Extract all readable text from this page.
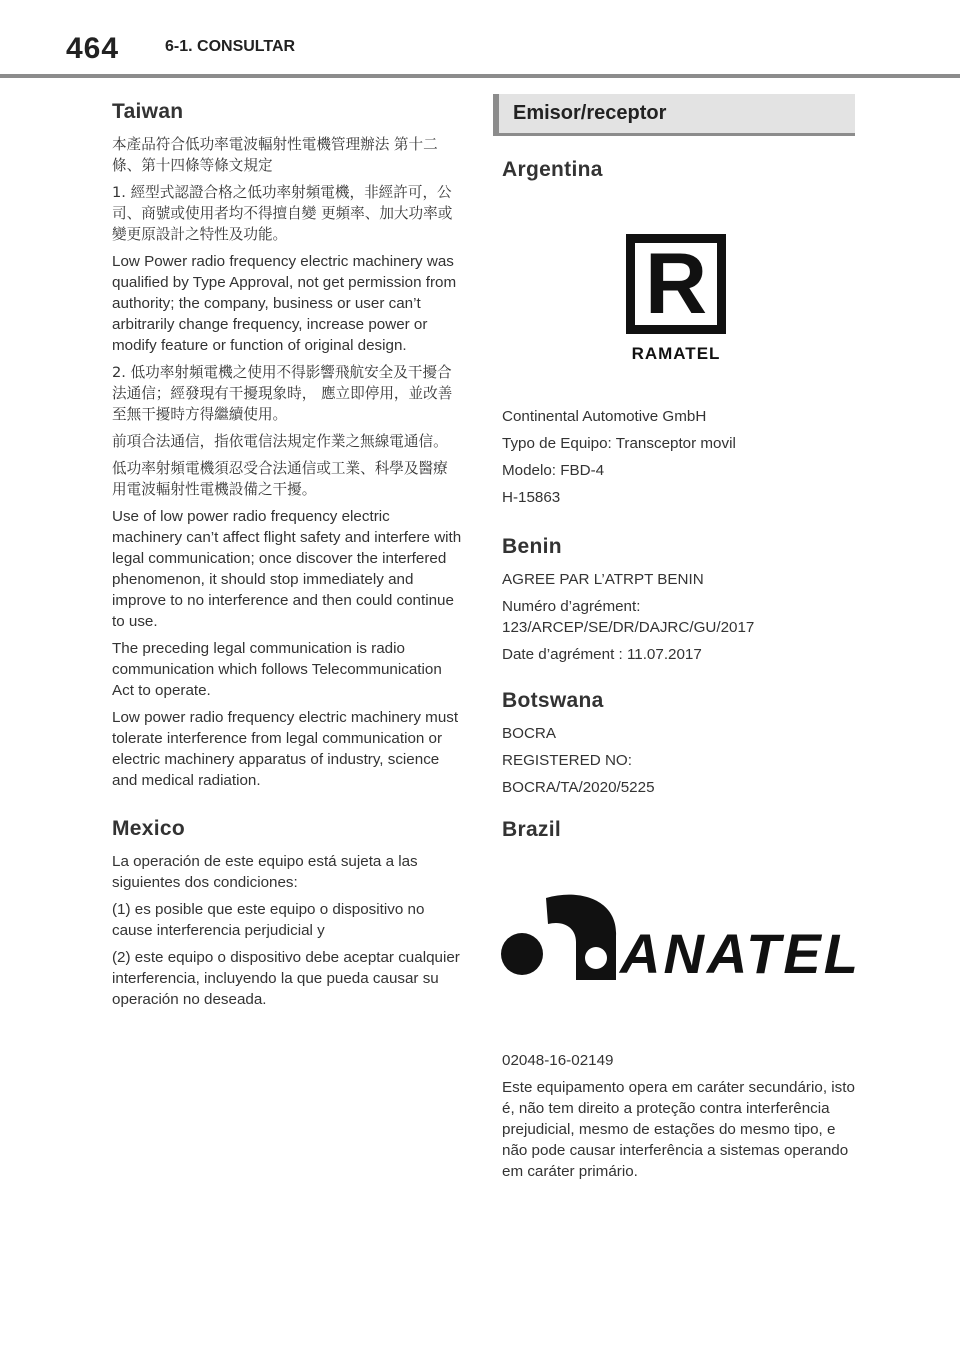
464	6-1. CONSULTAR
Taiwan

本產品符合低功率電波輻射性電機管理辦法 第十二條、第十四條等條文規定

1. 經型式認證合格之低功率射頻電機，非經許可，公司、商號或使用者均不得擅自變 更頻率、加大功率或變更原設計之特性及功能。

Low Power radio frequency electric machinery was qualified by Type Approval, not get permission from authority; the company, business or user can’t arbitrarily change frequency, increase power or modify feature or function of original design.

2. 低功率射頻電機之使用不得影響飛航安全及干擾合法通信；經發現有干擾現象時， 應立即停用，並改善至無干擾時方得繼續使用。

前項合法通信，指依電信法規定作業之無線電通信。

低功率射頻電機須忍受合法通信或工業、科學及醫療用電波輻射性電機設備之干擾。

Use of low power radio frequency electric machinery can’t affect flight safety and interfere with legal communication; once discover the interfered phenomenon, it should stop immediately and improve to no interference and then could continue to use.

The preceding legal communication is radio communication which follows Telecommunication Act to operate.

Low power radio frequency electric machinery must tolerate interference from legal communication or electric machinery apparatus of industry, science and medical radiation.

Mexico

La operación de este equipo está sujeta a las siguientes dos condiciones:

(1) es posible que este equipo o dispositivo no cause interferencia perjudicial y

(2) este equipo o dispositivo debe aceptar cualquier interferencia, incluyendo la que pueda causar su operación no deseada.

Emisor/receptor
Argentina
R
RAMATEL

Continental Automotive GmbH

Typo de Equipo: Transceptor movil

Modelo: FBD-4

H-15863

Benin

AGREE PAR L’ATRPT BENIN

Numéro d’agrément: 123/ARCEP/SE/DR/DAJRC/GU/2017

Date d’agrément : 11.07.2017

Botswana

BOCRA

REGISTERED NO:

BOCRA/TA/2020/5225

Brazil
ANATEL

02048-16-02149

Este equipamento opera em caráter secundário, isto é, não tem direito a proteção contra interferência prejudicial, mesmo de estações do mesmo tipo, e não pode causar interferência a sistemas operando em caráter primário.
